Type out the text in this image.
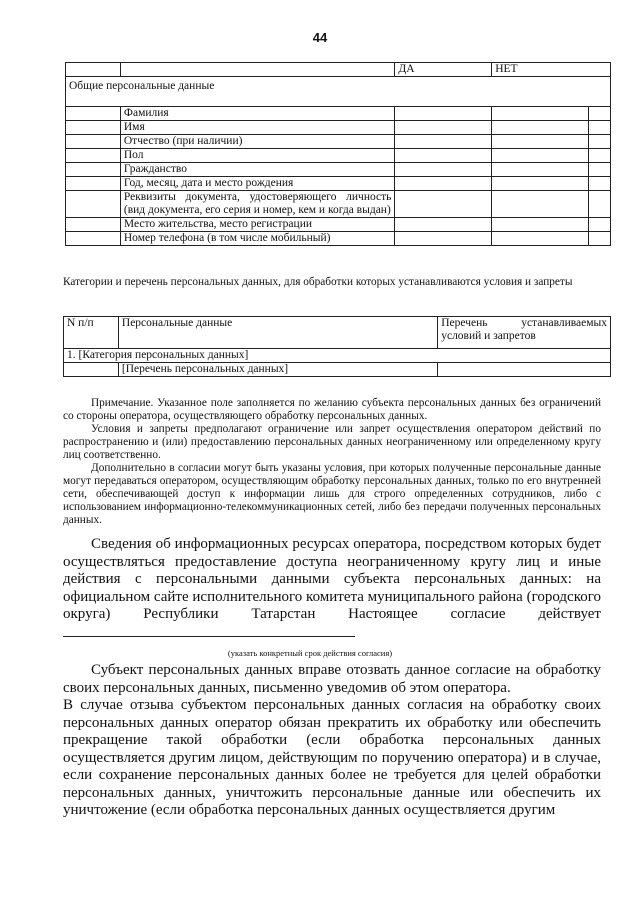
44
		ДА	НЕТ	
Общие персональные данные				
	Фамилия			
	Имя			
	Отчество (при наличии)			
	Пол			
	Гражданство			
	Год, месяц, дата и место рождения			
	Реквизиты документа, удостоверяющего личность (вид документа, его серия и номер, кем и когда выдан)			
	Место жительства, место регистрации			
	Номер телефона (в том числе мобильный)			

Категории и перечень персональных данных, для обработки которых устанавливаются условия и запреты

N п/п	Персональные данные	Перечень устанавливаемых условий и запретов
1. [Категория персональных данных]		
	[Перечень персональных данных]	

Примечание. Указанное поле заполняется по желанию субъекта персональных данных без ограничений со стороны оператора, осуществляющего обработку персональных данных.

Условия и запреты предполагают ограничение или запрет осуществления оператором действий по распространению и (или) предоставлению персональных данных неограниченному или определенному кругу лиц соответственно.

Дополнительно в согласии могут быть указаны условия, при которых полученные персональные данные могут передаваться оператором, осуществляющим обработку персональных данных, только по его внутренней сети, обеспечивающей доступ к информации лишь для строго определенных сотрудников, либо с использованием информационно-телекоммуникационных сетей, либо без передачи полученных персональных данных.

Сведения об информационных ресурсах оператора, посредством которых будет осуществляться предоставление доступа неограниченному кругу лиц и иные действия с персональными данными субъекта персональных данных: на официальном сайте исполнительного комитета муниципального района (городского округа) Республики Татарстан Настоящее согласие действует

(указать конкретный срок действия согласия)

Субъект персональных данных вправе отозвать данное согласие на обработку своих персональных данных, письменно уведомив об этом оператора.

В случае отзыва субъектом персональных данных согласия на обработку своих персональных данных оператор обязан прекратить их обработку или обеспечить прекращение такой обработки (если обработка персональных данных осуществляется другим лицом, действующим по поручению оператора) и в случае, если сохранение персональных данных более не требуется для целей обработки персональных данных, уничтожить персональные данные или обеспечить их уничтожение (если обработка персональных данных осуществляется другим
